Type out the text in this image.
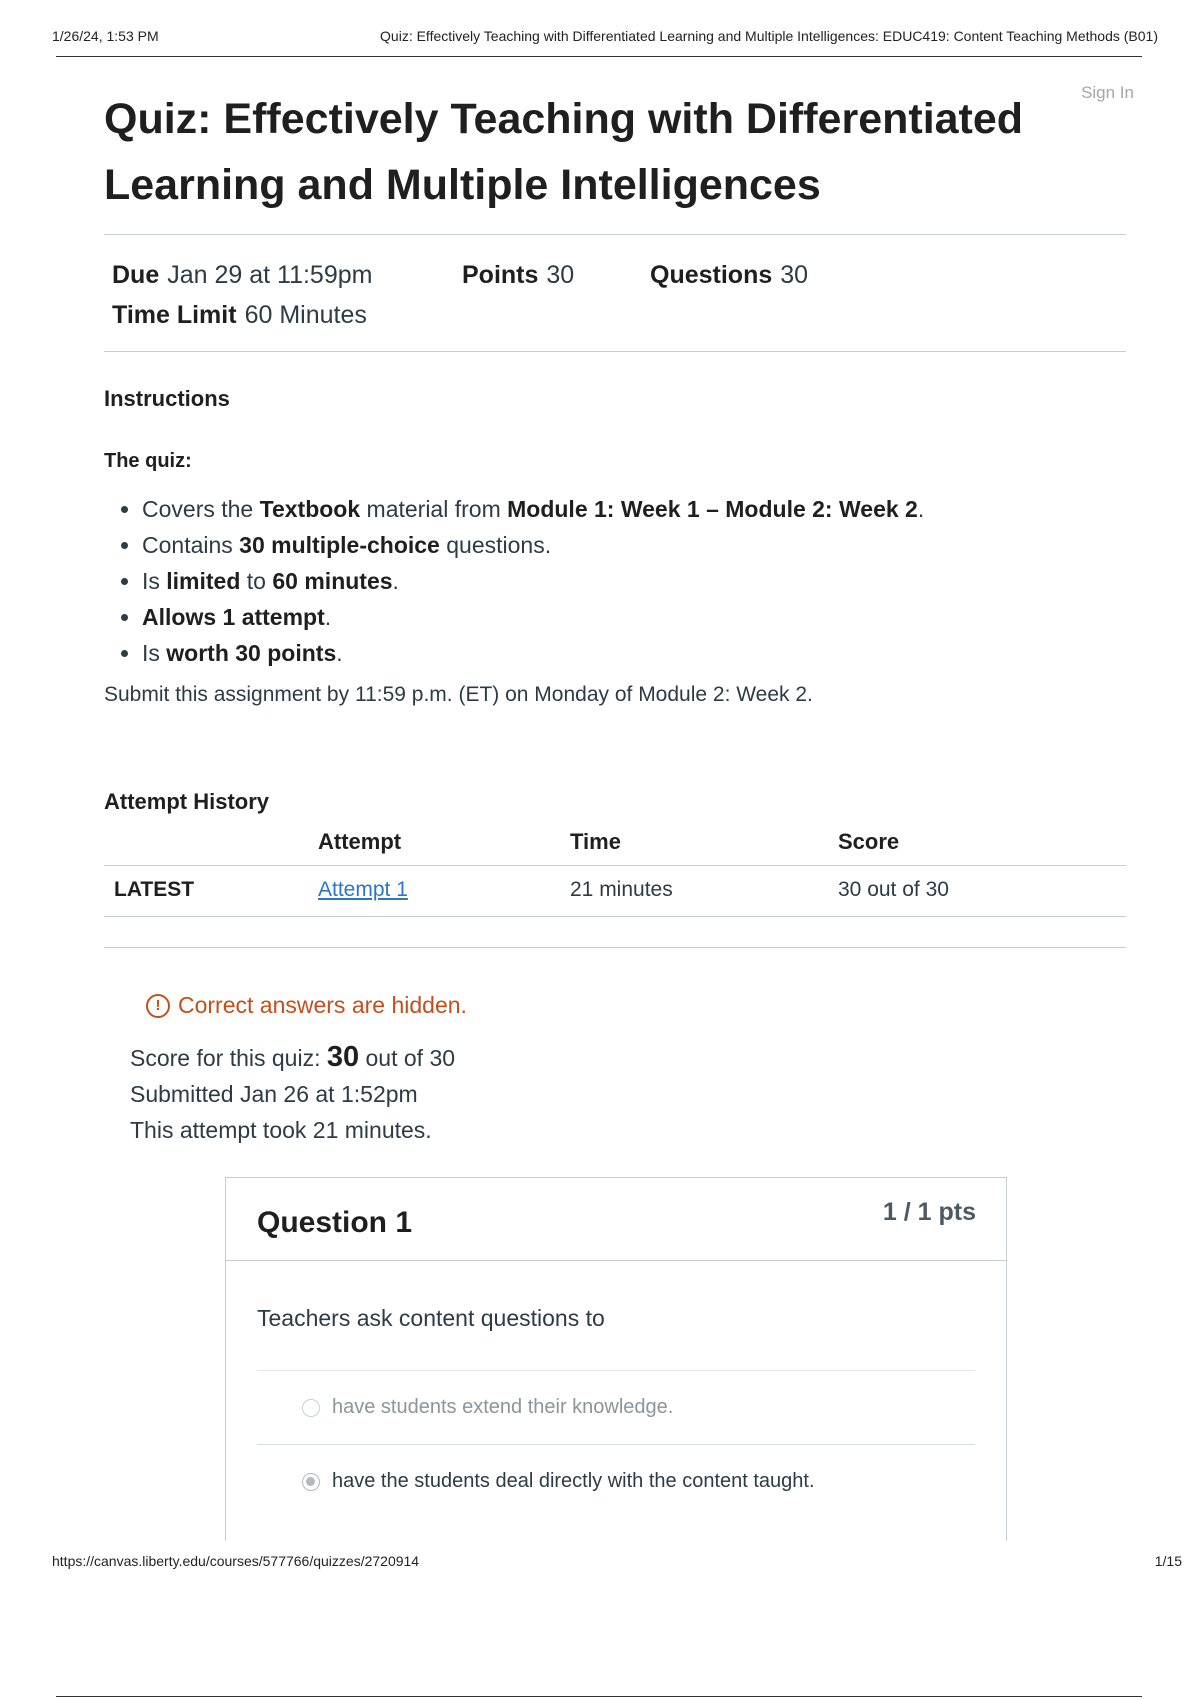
1/26/24, 1:53 PM	Quiz: Effectively Teaching with Differentiated Learning and Multiple Intelligences: EDUC419: Content Teaching Methods (B01)
Sign In
Quiz: Effectively Teaching with Differentiated Learning and Multiple Intelligences
Due Jan 29 at 11:59pm	Points 30	Questions 30
Time Limit 60 Minutes
Instructions
The quiz:
• Covers the Textbook material from Module 1: Week 1 – Module 2: Week 2.
• Contains 30 multiple-choice questions.
• Is limited to 60 minutes.
• Allows 1 attempt.
• Is worth 30 points.
Submit this assignment by 11:59 p.m. (ET) on Monday of Module 2: Week 2.
Attempt History
	Attempt	Time	Score
LATEST	Attempt 1	21 minutes	30 out of 30
! Correct answers are hidden.
Score for this quiz: 30 out of 30
Submitted Jan 26 at 1:52pm
This attempt took 21 minutes.
Question 1	1 / 1 pts
Teachers ask content questions to
have students extend their knowledge.
have the students deal directly with the content taught.
https://canvas.liberty.edu/courses/577766/quizzes/2720914	1/15
